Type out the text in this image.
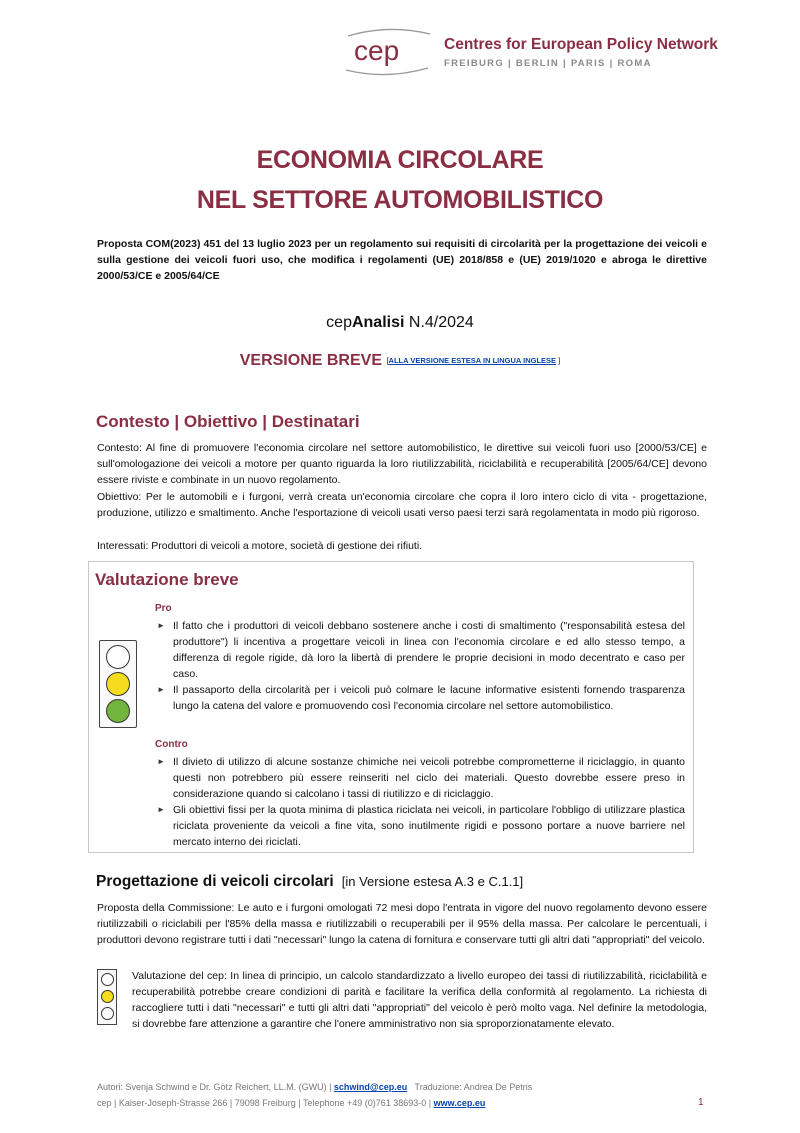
cep	Centres for European Policy Network
FREIBURG | BERLIN | PARIS | ROMA
ECONOMIA CIRCOLARE
NEL SETTORE AUTOMOBILISTICO
Proposta COM(2023) 451 del 13 luglio 2023 per un regolamento sui requisiti di circolarità per la progettazione dei veicoli e sulla gestione dei veicoli fuori uso, che modifica i regolamenti (UE) 2018/858 e (UE) 2019/1020 e abroga le direttive 2000/53/CE e 2005/64/CE
cepAnalisi N.4/2024
VERSIONE BREVE [ALLA VERSIONE ESTESA IN LINGUA INGLESE ]
Contesto | Obiettivo | Destinatari
Contesto: Al fine di promuovere l'economia circolare nel settore automobilistico, le direttive sui veicoli fuori uso [2000/53/CE] e sull'omologazione dei veicoli a motore per quanto riguarda la loro riutilizzabilità, riciclabilità e recuperabilità [2005/64/CE] devono essere riviste e combinate in un nuovo regolamento.
Obiettivo: Per le automobili e i furgoni, verrà creata un'economia circolare che copra il loro intero ciclo di vita - progettazione, produzione, utilizzo e smaltimento. Anche l'esportazione di veicoli usati verso paesi terzi sarà regolamentata in modo più rigoroso.
Interessati: Produttori di veicoli a motore, società di gestione dei rifiuti.
Valutazione breve
Pro
► Il fatto che i produttori di veicoli debbano sostenere anche i costi di smaltimento ("responsabilità estesa del produttore") li incentiva a progettare veicoli in linea con l'economia circolare e ed allo stesso tempo, a differenza di regole rigide, dà loro la libertà di prendere le proprie decisioni in modo decentrato e caso per caso.
► Il passaporto della circolarità per i veicoli può colmare le lacune informative esistenti fornendo trasparenza lungo la catena del valore e promuovendo così l'economia circolare nel settore automobilistico.
Contro
► Il divieto di utilizzo di alcune sostanze chimiche nei veicoli potrebbe comprometterne il riciclaggio, in quanto questi non potrebbero più essere reinseriti nel ciclo dei materiali. Questo dovrebbe essere preso in considerazione quando si calcolano i tassi di riutilizzo e di riciclaggio.
► Gli obiettivi fissi per la quota minima di plastica riciclata nei veicoli, in particolare l'obbligo di utilizzare plastica riciclata proveniente da veicoli a fine vita, sono inutilmente rigidi e possono portare a nuove barriere nel mercato interno dei riciclati.
Progettazione di veicoli circolari [in Versione estesa A.3 e C.1.1]
Proposta della Commissione: Le auto e i furgoni omologati 72 mesi dopo l'entrata in vigore del nuovo regolamento devono essere riutilizzabili o riciclabili per l'85% della massa e riutilizzabili o recuperabili per il 95% della massa. Per calcolare le percentuali, i produttori devono registrare tutti i dati "necessari" lungo la catena di fornitura e conservare tutti gli altri dati "appropriati" del veicolo.
Valutazione del cep: In linea di principio, un calcolo standardizzato a livello europeo dei tassi di riutilizzabilità, riciclabilità e recuperabilità potrebbe creare condizioni di parità e facilitare la verifica della conformità al regolamento. La richiesta di raccogliere tutti i dati "necessari" e tutti gli altri dati "appropriati" del veicolo è però molto vaga. Nel definire la metodologia, si dovrebbe fare attenzione a garantire che l'onere amministrativo non sia sproporzionatamente elevato.
Autori: Svenja Schwind e Dr. Götz Reichert, LL.M. (GWU) | schwind@cep.eu   Traduzione: Andrea De Petris
cep | Kaiser-Joseph-Strasse 266 | 79098 Freiburg | Telephone +49 (0)761 38693-0 | www.cep.eu	1
